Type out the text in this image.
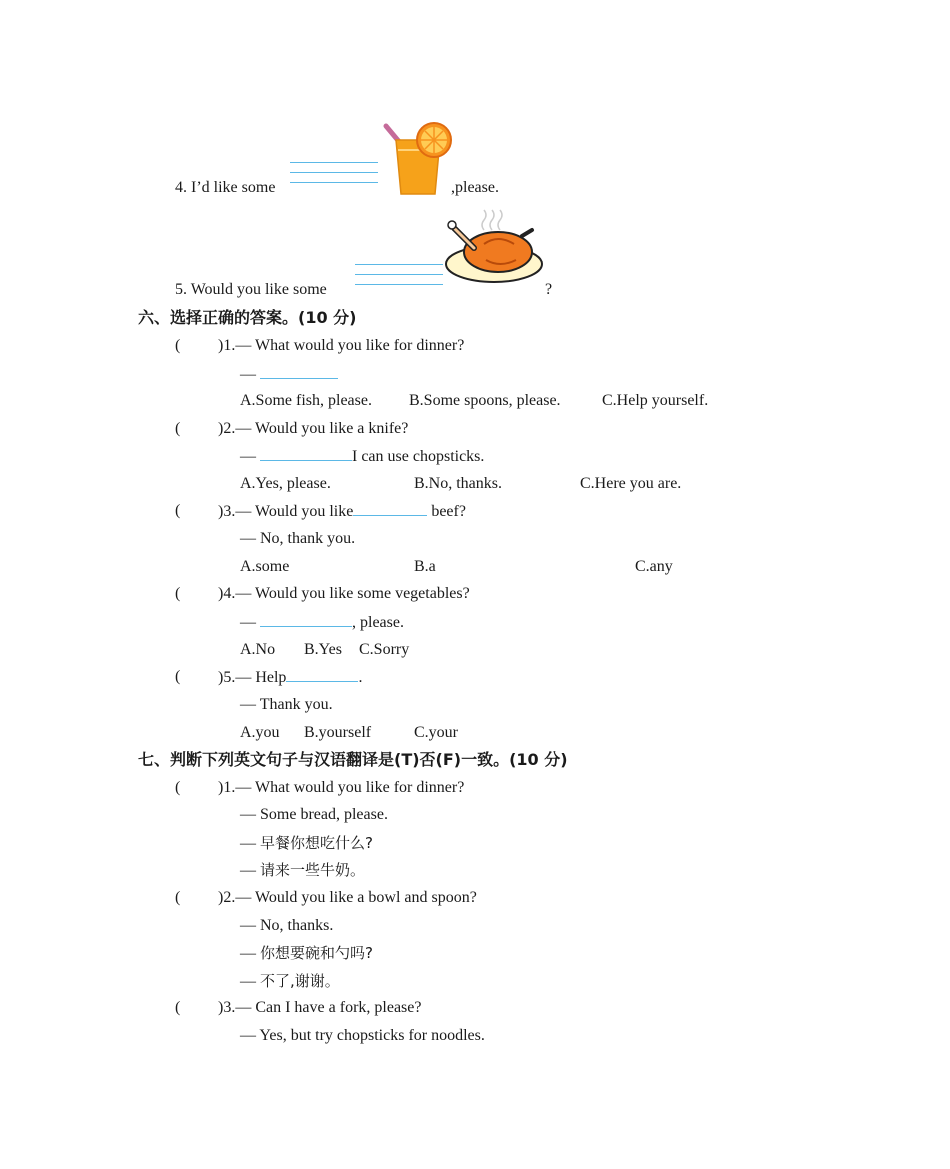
4. I’d like some	,please.
5. Would you like some	?
六、选择正确的答案。(10 分)
( )1.— What would you like for dinner?
—
A.Some fish, please. B.Some spoons, please.	C.Help yourself.
( )2.— Would you like a knife?
—	I can use chopsticks.
A.Yes, please.	B.No, thanks.	C.Here you are.
( )3.— Would you like	beef?
— No, thank you.
A.some	B.a	C.any
( )4.— Would you like some vegetables?
—	, please.
A.No B.Yes C.Sorry
( )5.— Help	.
— Thank you.
A.you B.yourself	C.your
七、判断下列英文句子与汉语翻译是(T)否(F)一致。(10 分)
( )1.— What would you like for dinner?
— Some bread, please.
— 早餐你想吃什么?
— 请来一些牛奶。
( )2.— Would you like a bowl and spoon?
— No, thanks.
— 你想要碗和勺吗?
— 不了,谢谢。
( )3.— Can I have a fork, please?
— Yes, but try chopsticks for noodles.
